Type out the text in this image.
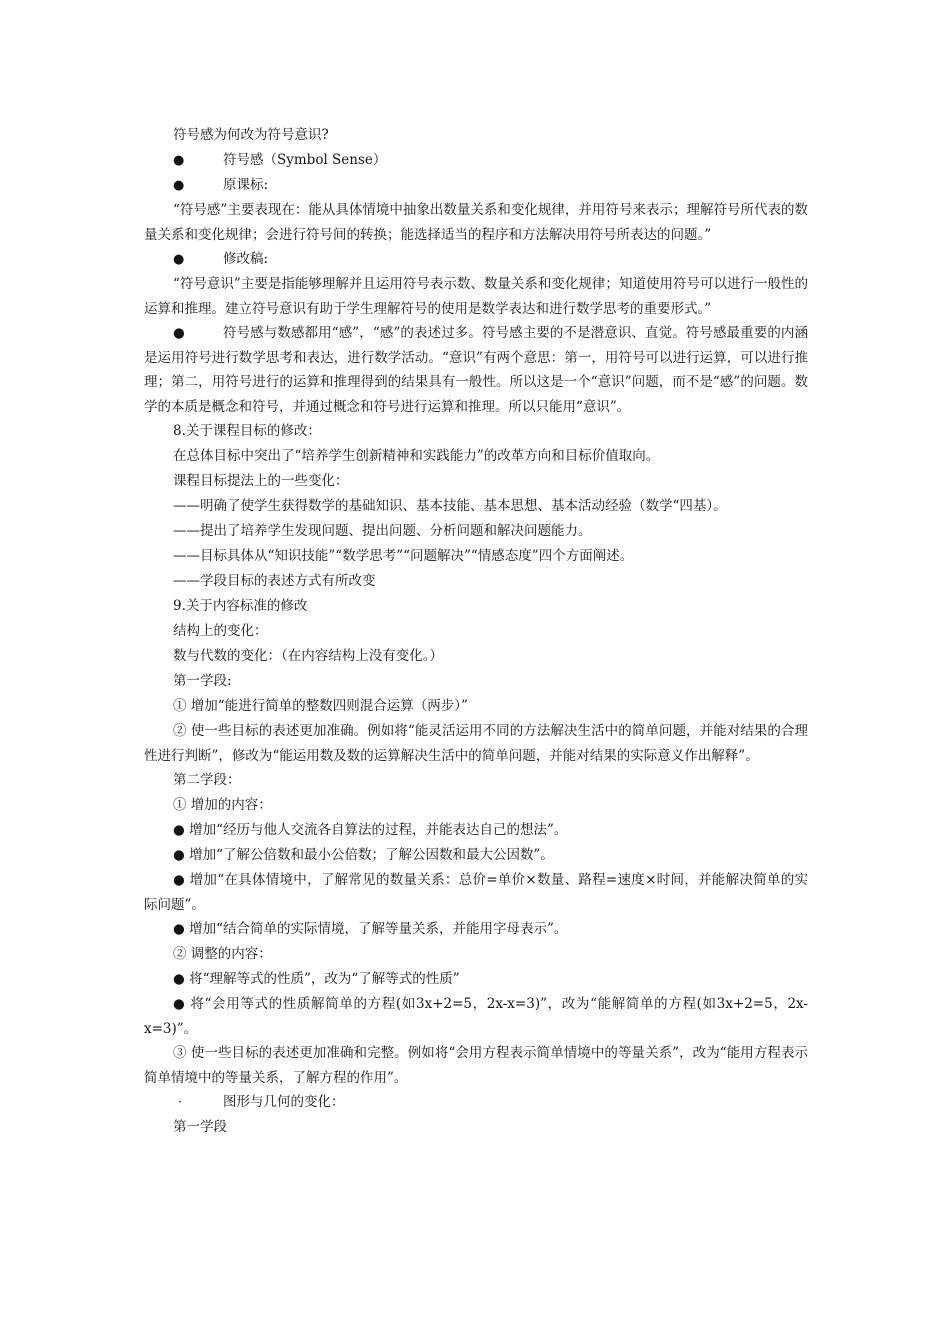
符号感为何改为符号意识?
●	符号感（Symbol Sense）
●	原课标:
“符号感”主要表现在：能从具体情境中抽象出数量关系和变化规律，并用符号来表示；理解符号所代表的数量关系和变化规律；会进行符号间的转换；能选择适当的程序和方法解决用符号所表达的问题。”
●	修改稿:
“符号意识”主要是指能够理解并且运用符号表示数、数量关系和变化规律；知道使用符号可以进行一般性的运算和推理。建立符号意识有助于学生理解符号的使用是数学表达和进行数学思考的重要形式。”
●	符号感与数感都用“感”，“感”的表述过多。符号感主要的不是潜意识、直觉。符号感最重要的内涵是运用符号进行数学思考和表达，进行数学活动。“意识”有两个意思：第一，用符号可以进行运算，可以进行推理；第二，用符号进行的运算和推理得到的结果具有一般性。所以这是一个“意识”问题，而不是“感”的问题。数学的本质是概念和符号，并通过概念和符号进行运算和推理。所以只能用“意识”。
8.关于课程目标的修改：
在总体目标中突出了“培养学生创新精神和实践能力”的改革方向和目标价值取向。
课程目标提法上的一些变化：
——明确了使学生获得数学的基础知识、基本技能、基本思想、基本活动经验（数学“四基）。
——提出了培养学生发现问题、提出问题、分析问题和解决问题能力。
——目标具体从“知识技能”“数学思考”“问题解决”“情感态度”四个方面阐述。
——学段目标的表述方式有所改变
9.关于内容标准的修改
结构上的变化：
数与代数的变化：（在内容结构上没有变化。）
第一学段:
① 增加“能进行简单的整数四则混合运算（两步）”
② 使一些目标的表述更加准确。例如将“能灵活运用不同的方法解决生活中的简单问题，并能对结果的合理性进行判断”，修改为“能运用数及数的运算解决生活中的简单问题，并能对结果的实际意义作出解释”。
第二学段：
① 增加的内容：
● 增加“经历与他人交流各自算法的过程，并能表达自己的想法”。
● 增加“了解公倍数和最小公倍数；了解公因数和最大公因数”。
● 增加“在具体情境中，了解常见的数量关系：总价=单价×数量、路程=速度×时间，并能解决简单的实际问题”。
● 增加“结合简单的实际情境，了解等量关系，并能用字母表示”。
② 调整的内容：
● 将“理解等式的性质”，改为“了解等式的性质”
● 将“会用等式的性质解简单的方程(如3x+2=5，2x-x=3)”，改为“能解简单的方程(如3x+2=5，2x-x=3)”。
③ 使一些目标的表述更加准确和完整。例如将“会用方程表示简单情境中的等量关系”，改为“能用方程表示简单情境中的等量关系，了解方程的作用”。
·	图形与几何的变化：
第一学段
